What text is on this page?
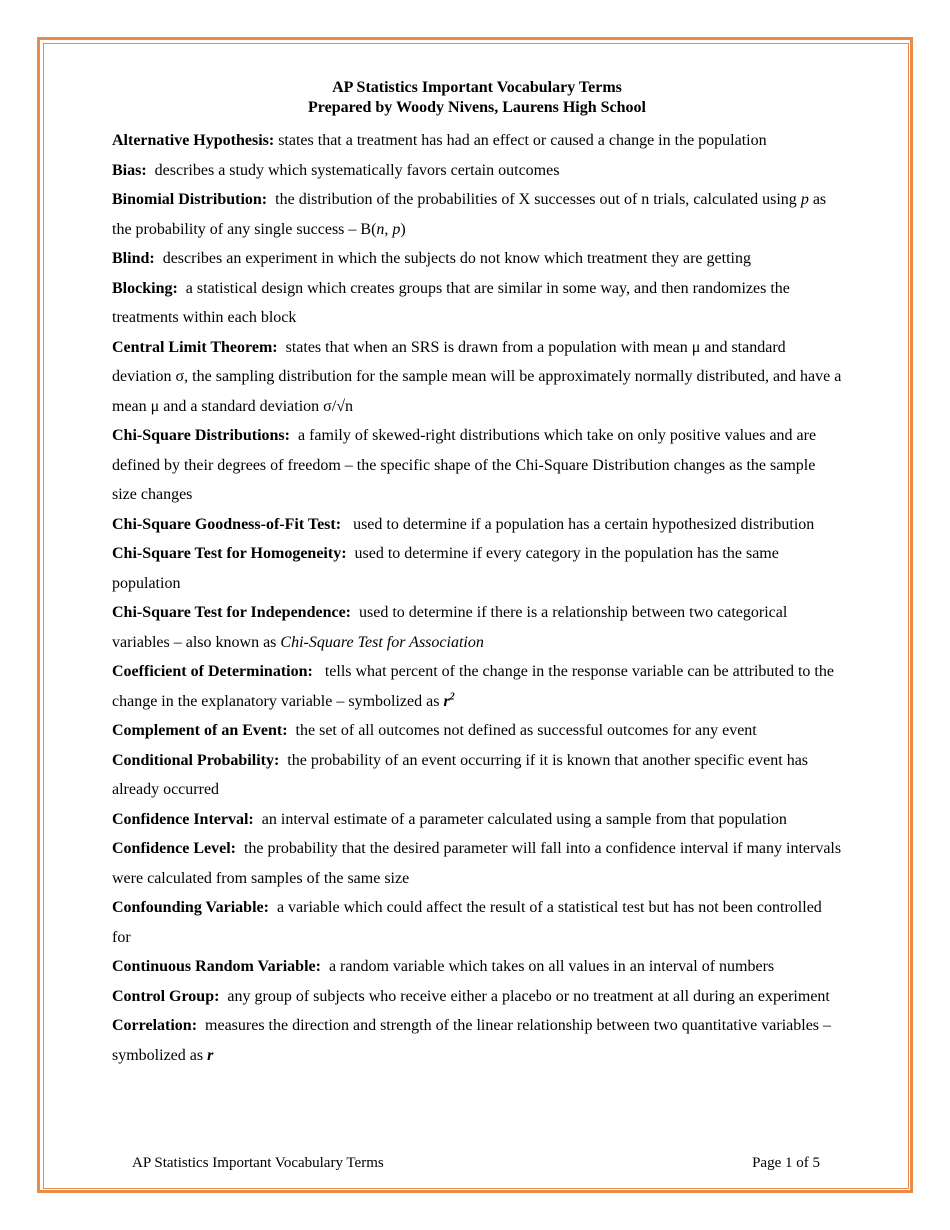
AP Statistics Important Vocabulary Terms
Prepared by Woody Nivens, Laurens High School

Alternative Hypothesis: states that a treatment has had an effect or caused a change in the population

Bias: describes a study which systematically favors certain outcomes

Binomial Distribution: the distribution of the probabilities of X successes out of n trials, calculated using p as the probability of any single success – B(n, p)

Blind: describes an experiment in which the subjects do not know which treatment they are getting

Blocking: a statistical design which creates groups that are similar in some way, and then randomizes the treatments within each block

Central Limit Theorem: states that when an SRS is drawn from a population with mean μ and standard deviation σ, the sampling distribution for the sample mean will be approximately normally distributed, and have a mean μ and a standard deviation σ/√n

Chi-Square Distributions: a family of skewed-right distributions which take on only positive values and are defined by their degrees of freedom – the specific shape of the Chi-Square Distribution changes as the sample size changes

Chi-Square Goodness-of-Fit Test: used to determine if a population has a certain hypothesized distribution

Chi-Square Test for Homogeneity: used to determine if every category in the population has the same population

Chi-Square Test for Independence: used to determine if there is a relationship between two categorical variables – also known as Chi-Square Test for Association

Coefficient of Determination: tells what percent of the change in the response variable can be attributed to the change in the explanatory variable – symbolized as $r^2$

Complement of an Event: the set of all outcomes not defined as successful outcomes for any event

Conditional Probability: the probability of an event occurring if it is known that another specific event has already occurred

Confidence Interval: an interval estimate of a parameter calculated using a sample from that population

Confidence Level: the probability that the desired parameter will fall into a confidence interval if many intervals were calculated from samples of the same size

Confounding Variable: a variable which could affect the result of a statistical test but has not been controlled for

Continuous Random Variable: a random variable which takes on all values in an interval of numbers

Control Group: any group of subjects who receive either a placebo or no treatment at all during an experiment

Correlation: measures the direction and strength of the linear relationship between two quantitative variables – symbolized as r

AP Statistics Important Vocabulary Terms	Page 1 of 5
